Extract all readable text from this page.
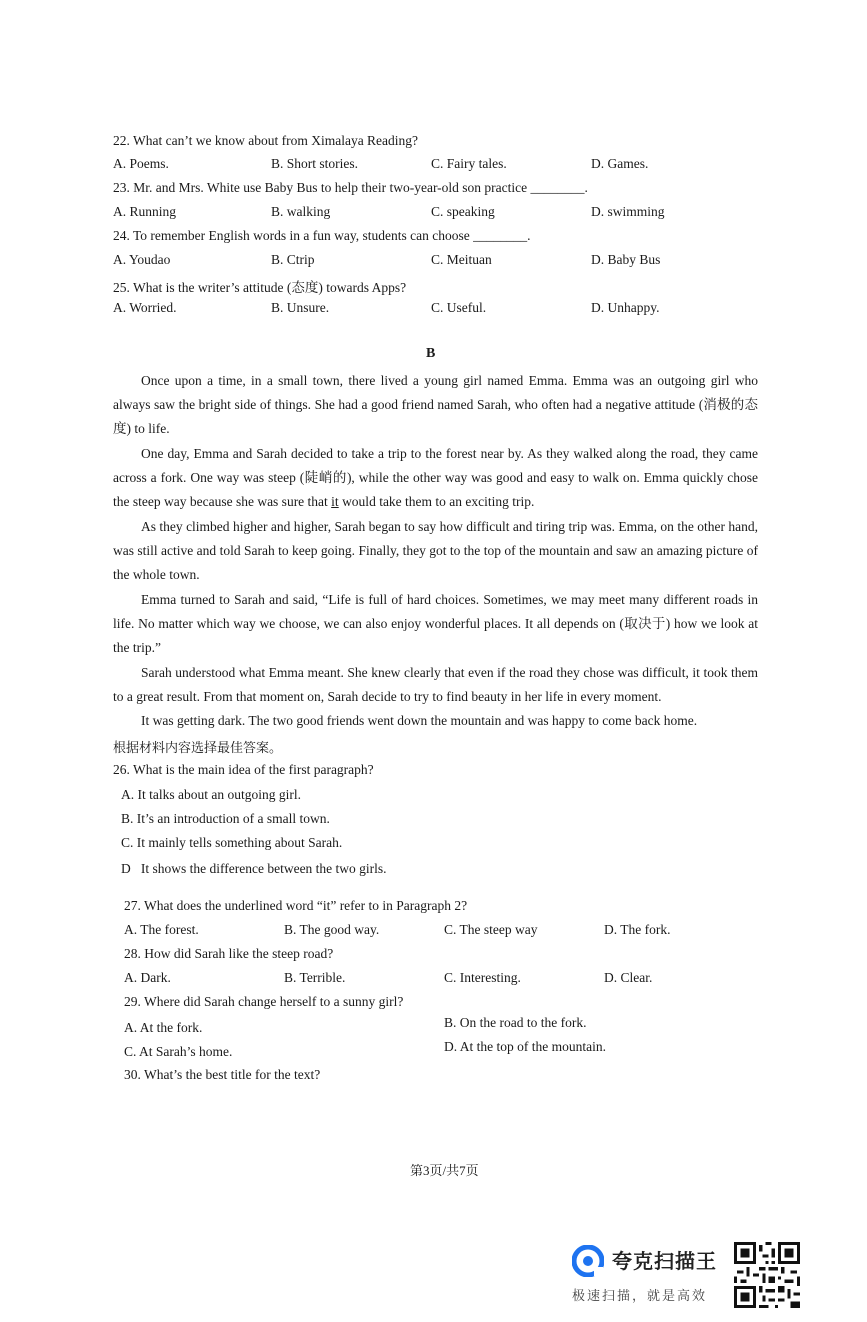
22. What can’t we know about from Ximalaya Reading?
A. Poems.	B. Short stories.	C. Fairy tales.	D. Games.
23. Mr. and Mrs. White use Baby Bus to help their two-year-old son practice ________.
A. Running	B. walking	C. speaking	D. swimming
24. To remember English words in a fun way, students can choose ________.
A. Youdao	B. Ctrip	C. Meituan	D. Baby Bus
25. What is the writer’s attitude (态度) towards Apps?
A. Worried.	B. Unsure.	C. Useful.	D. Unhappy.
B
Once upon a time, in a small town, there lived a young girl named Emma. Emma was an outgoing girl who always saw the bright side of things. She had a good friend named Sarah, who often had a negative attitude (消极的态度) to life.
One day, Emma and Sarah decided to take a trip to the forest near by. As they walked along the road, they came across a fork. One way was steep (陡峭的), while the other way was good and easy to walk on. Emma quickly chose the steep way because she was sure that it would take them to an exciting trip.
As they climbed higher and higher, Sarah began to say how difficult and tiring trip was. Emma, on the other hand, was still active and told Sarah to keep going. Finally, they got to the top of the mountain and saw an amazing picture of the whole town.
Emma turned to Sarah and said, “Life is full of hard choices. Sometimes, we may meet many different roads in life. No matter which way we choose, we can also enjoy wonderful places. It all depends on (取决于) how we look at the trip.”
Sarah understood what Emma meant. She knew clearly that even if the road they chose was difficult, it took them to a great result. From that moment on, Sarah decide to try to find beauty in her life in every moment.
It was getting dark. The two good friends went down the mountain and was happy to come back home.
根据材料内容选择最佳答案。
26. What is the main idea of the first paragraph?
A. It talks about an outgoing girl.
B. It’s an introduction of a small town.
C. It mainly tells something about Sarah.
D   It shows the difference between the two girls.
27. What does the underlined word “it” refer to in Paragraph 2?
A. The forest.	B. The good way.	C. The steep way	D. The fork.
28. How did Sarah like the steep road?
A. Dark.	B. Terrible.	C. Interesting.	D. Clear.
29. Where did Sarah change herself to a sunny girl?
A. At the fork.	B. On the road to the fork.
C. At Sarah’s home.	D. At the top of the mountain.
30. What’s the best title for the text?
第3页/共7页
夸克扫描王
极速扫描，就是高效
